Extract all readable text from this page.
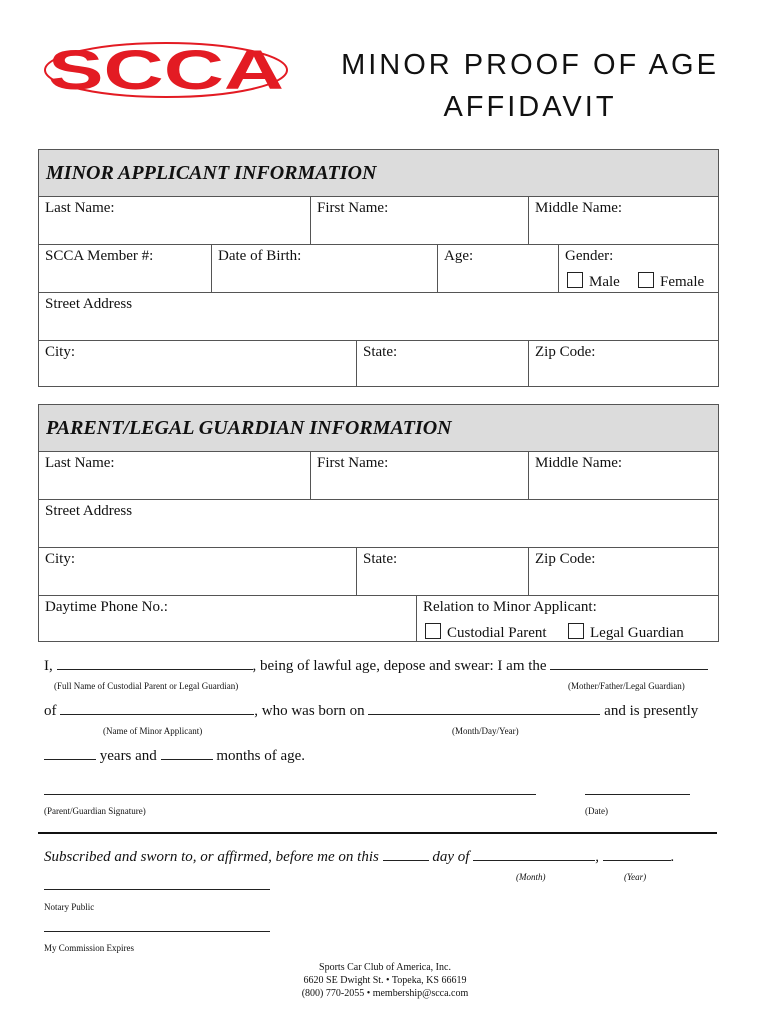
SCCA	MINOR PROOF OF AGE
AFFIDAVIT
MINOR APPLICANT INFORMATION
Last Name:	First Name:	Middle Name:
SCCA Member #:	Date of Birth:	Age:	Gender:
Male	Female
Street Address
City:	State:	Zip Code:
PARENT/LEGAL GUARDIAN INFORMATION
Last Name:	First Name:	Middle Name:
Street Address
City:	State:	Zip Code:
Daytime Phone No.:	Relation to Minor Applicant:
Custodial Parent	Legal Guardian
I,	, being of lawful age, depose and swear: I am the
(Full Name of Custodial Parent or Legal Guardian)	(Mother/Father/Legal Guardian)
of	, who was born on	and is presently
(Name of Minor Applicant)	(Month/Day/Year)
years and	months of age.
(Parent/Guardian Signature)	(Date)
Subscribed and sworn to, or affirmed, before me on this	day of	,	.
(Month)	(Year)
Notary Public
My Commission Expires
Sports Car Club of America, Inc.
6620 SE Dwight St. • Topeka, KS 66619
(800) 770-2055 • membership@scca.com
